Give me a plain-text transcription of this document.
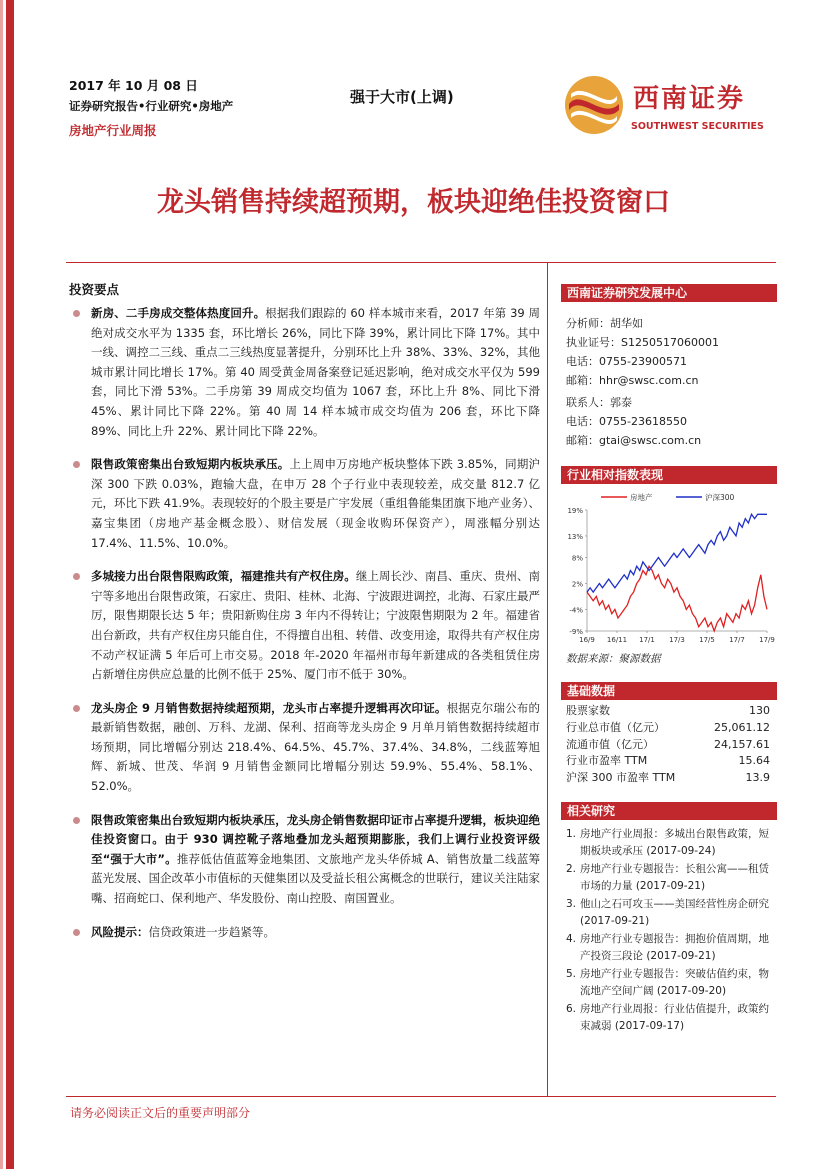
2017 年 10 月 08 日
证券研究报告•行业研究•房地产
房地产行业周报
强于大市(上调)	西南证券
SOUTHWEST SECURITIES
龙头销售持续超预期，板块迎绝佳投资窗口
投资要点
新房、二手房成交整体热度回升。根据我们跟踪的 60 样本城市来看，2017 年第 39 周绝对成交水平为 1335 套，环比增长 26%，同比下降 39%，累计同比下降 17%。其中一线、调控二三线、重点二三线热度显著提升，分别环比上升 38%、33%、32%，其他城市累计同比增长 17%。第 40 周受黄金周备案登记延迟影响，绝对成交水平仅为 599 套，同比下滑 53%。二手房第 39 周成交均值为 1067 套，环比上升 8%、同比下滑 45%、累计同比下降 22%。第 40 周 14 样本城市成交均值为 206 套，环比下降 89%、同比上升 22%、累计同比下降 22%。
限售政策密集出台致短期内板块承压。上上周申万房地产板块整体下跌 3.85%，同期沪深 300 下跌 0.03%，跑输大盘，在申万 28 个子行业中表现较差，成交量 812.7 亿元，环比下跌 41.9%。表现较好的个股主要是广宇发展（重组鲁能集团旗下地产业务）、嘉宝集团（房地产基金概念股）、财信发展（现金收购环保资产），周涨幅分别达 17.4%、11.5%、10.0%。
多城接力出台限售限购政策，福建推共有产权住房。继上周长沙、南昌、重庆、贵州、南宁等多地出台限售政策，石家庄、贵阳、桂林、北海、宁波跟进调控，北海、石家庄最严厉，限售期限长达 5 年；贵阳新购住房 3 年内不得转让；宁波限售期限为 2 年。福建省出台新政，共有产权住房只能自住，不得擅自出租、转借、改变用途，取得共有产权住房不动产权证满 5 年后可上市交易。2018 年-2020 年福州市每年新建成的各类租赁住房占新增住房供应总量的比例不低于 25%、厦门市不低于 30%。
龙头房企 9 月销售数据持续超预期，龙头市占率提升逻辑再次印证。根据克尔瑞公布的最新销售数据，融创、万科、龙湖、保利、招商等龙头房企 9 月单月销售数据持续超市场预期，同比增幅分别达 218.4%、64.5%、45.7%、37.4%、34.8%，二线蓝筹旭辉、新城、世茂、华润 9 月销售金额同比增幅分别达 59.9%、55.4%、58.1%、52.0%。
限售政策密集出台致短期内板块承压，龙头房企销售数据印证市占率提升逻辑，板块迎绝佳投资窗口。由于 930 调控靴子落地叠加龙头超预期膨胀，我们上调行业投资评级至“强于大市”。推荐低估值蓝筹金地集团、文旅地产龙头华侨城 A、销售放量二线蓝筹蓝光发展、国企改革小市值标的天健集团以及受益长租公寓概念的世联行，建议关注陆家嘴、招商蛇口、保利地产、华发股份、南山控股、南国置业。
风险提示：信贷政策进一步趋紧等。
西南证券研究发展中心
分析师：胡华如
执业证号：S1250517060001
电话：0755-23900571
邮箱：hhr@swsc.com.cn
联系人：郭泰
电话：0755-23618550
邮箱：gtai@swsc.com.cn
行业相对指数表现
19%
13%
8%
2%
-4%
-9%
16/9 16/11 17/1 17/3 17/5 17/7 17/9
房地产	沪深300
数据来源：聚源数据
基础数据
股票家数	130
行业总市值（亿元）	25,061.12
流通市值（亿元）	24,157.61
行业市盈率 TTM	15.64
沪深 300 市盈率 TTM	13.9
相关研究
1. 房地产行业周报：多城出台限售政策，短期板块或承压 (2017-09-24)
2. 房地产行业专题报告：长租公寓——租赁市场的力量 (2017-09-21)
3. 他山之石可攻玉——美国经营性房企研究 (2017-09-21)
4. 房地产行业专题报告：拥抱价值周期，地产投资三段论 (2017-09-21)
5. 房地产行业专题报告：突破估值约束，物流地产空间广阔 (2017-09-20)
6. 房地产行业周报：行业估值提升，政策约束减弱 (2017-09-17)
请务必阅读正文后的重要声明部分
